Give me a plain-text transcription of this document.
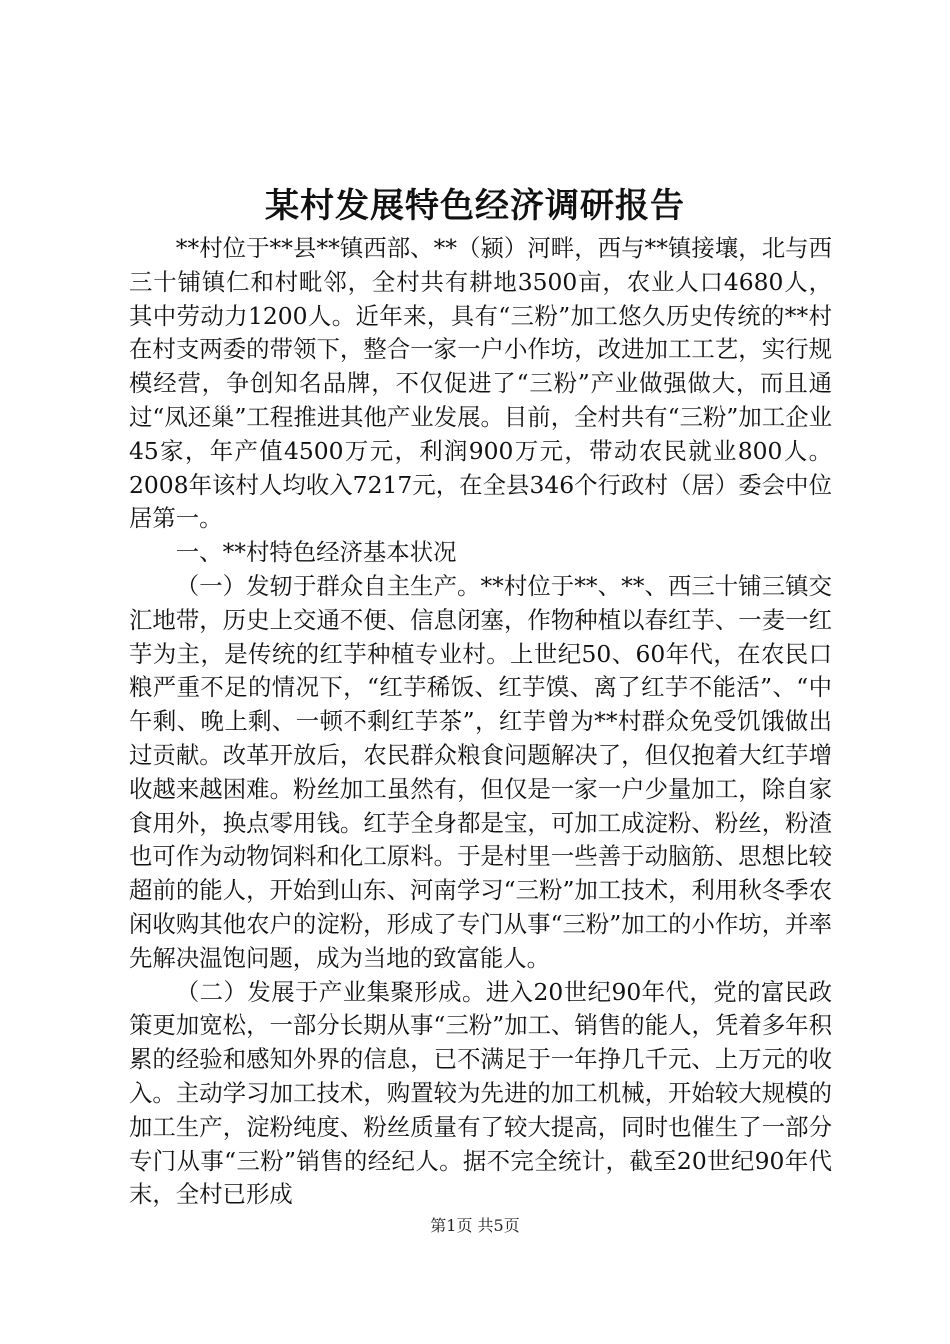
某村发展特色经济调研报告

**村位于**县**镇西部、**（颍）河畔，西与**镇接壤，北与西三十铺镇仁和村毗邻，全村共有耕地3500亩，农业人口4680人，其中劳动力1200人。近年来，具有“三粉”加工悠久历史传统的**村在村支两委的带领下，整合一家一户小作坊，改进加工工艺，实行规模经营，争创知名品牌，不仅促进了“三粉”产业做强做大，而且通过“凤还巢”工程推进其他产业发展。目前，全村共有“三粉”加工企业45家，年产值4500万元，利润900万元，带动农民就业800人。2008年该村人均收入7217元，在全县346个行政村（居）委会中位居第一。

一、**村特色经济基本状况

（一）发轫于群众自主生产。**村位于**、**、西三十铺三镇交汇地带，历史上交通不便、信息闭塞，作物种植以春红芋、一麦一红芋为主，是传统的红芋种植专业村。上世纪50、60年代，在农民口粮严重不足的情况下，“红芋稀饭、红芋馍、离了红芋不能活”、“中午剩、晚上剩、一顿不剩红芋茶”，红芋曾为**村群众免受饥饿做出过贡献。改革开放后，农民群众粮食问题解决了，但仅抱着大红芋增收越来越困难。粉丝加工虽然有，但仅是一家一户少量加工，除自家食用外，换点零用钱。红芋全身都是宝，可加工成淀粉、粉丝，粉渣也可作为动物饲料和化工原料。于是村里一些善于动脑筋、思想比较超前的能人，开始到山东、河南学习“三粉”加工技术，利用秋冬季农闲收购其他农户的淀粉，形成了专门从事“三粉”加工的小作坊，并率先解决温饱问题，成为当地的致富能人。

（二）发展于产业集聚形成。进入20世纪90年代，党的富民政策更加宽松，一部分长期从事“三粉”加工、销售的能人，凭着多年积累的经验和感知外界的信息，已不满足于一年挣几千元、上万元的收入。主动学习加工技术，购置较为先进的加工机械，开始较大规模的加工生产，淀粉纯度、粉丝质量有了较大提高，同时也催生了一部分专门从事“三粉”销售的经纪人。据不完全统计，截至20世纪90年代末，全村已形成

第1页 共5页
